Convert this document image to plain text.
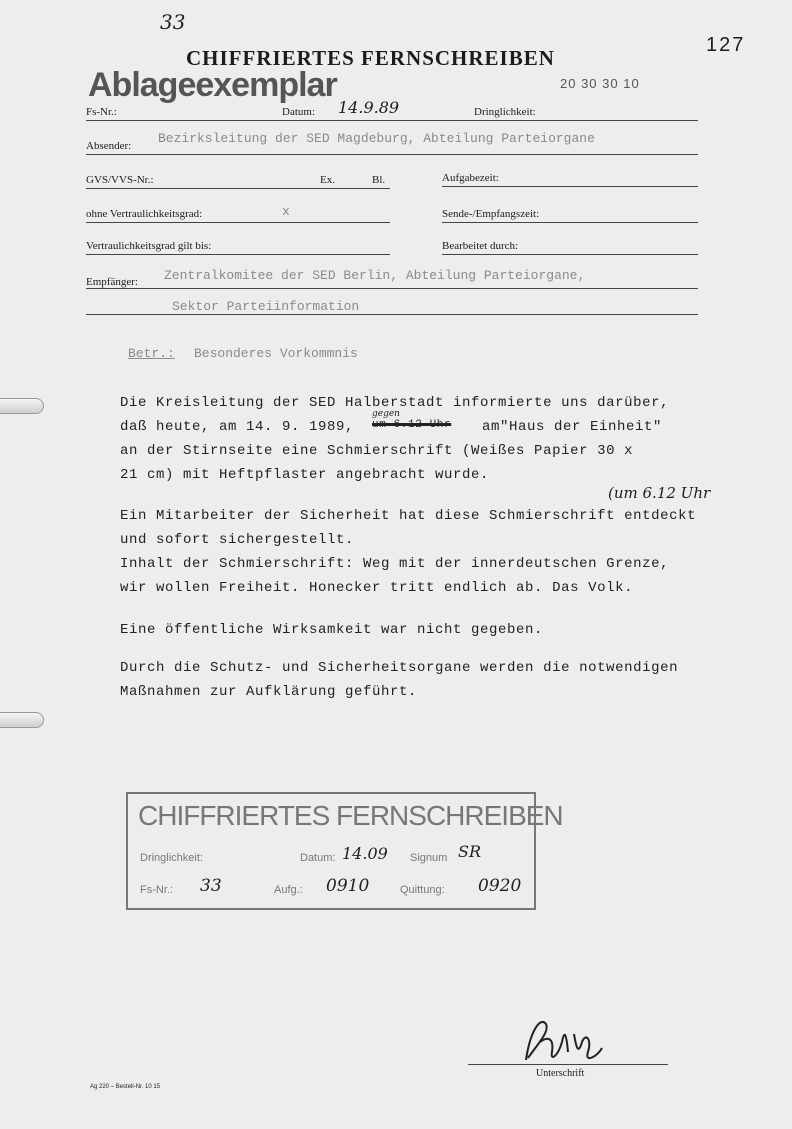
33
CHIFFRIERTES FERNSCHREIBEN
127
Ablageexemplar	20 30 30 10
Fs-Nr.:	Datum: 14.9.89	Dringlichkeit:
Absender: Bezirksleitung der SED Magdeburg, Abteilung Parteiorgane
GVS/VVS-Nr.:	Ex.	Bl.	Aufgabezeit:
ohne Vertraulichkeitsgrad:	x	Sende-/Empfangszeit:
Vertraulichkeitsgrad gilt bis:	Bearbeitet durch:
Empfänger: Zentralkomitee der SED Berlin, Abteilung Parteiorgane,
Sektor Parteiinformation
Betr.: Besonderes Vorkommnis
Die Kreisleitung der SED Halberstadt informierte uns darüber,
daß heute, am 14. 9. 1989,
gegen
um 6.12 Uhr am"Haus der Einheit"
an der Stirnseite eine Schmierschrift (Weißes Papier 30 x
21 cm) mit Heftpflaster angebracht wurde.
(um 6.12 Uhr
Ein Mitarbeiter der Sicherheit hat diese Schmierschrift entdeckt
und sofort sichergestellt.
Inhalt der Schmierschrift: Weg mit der innerdeutschen Grenze,
wir wollen Freiheit. Honecker tritt endlich ab. Das Volk.
Eine öffentliche Wirksamkeit war nicht gegeben.
Durch die Schutz- und Sicherheitsorgane werden die notwendigen
Maßnahmen zur Aufklärung geführt.
CHIFFRIERTES FERNSCHREIBEN
Dringlichkeit:	Datum: 14.09 Signum SR
Fs-Nr.: 33	Aufg.: 0910	Quittung: 0920
Unterschrift
Ag 220 – Bestell-Nr. 10 15
